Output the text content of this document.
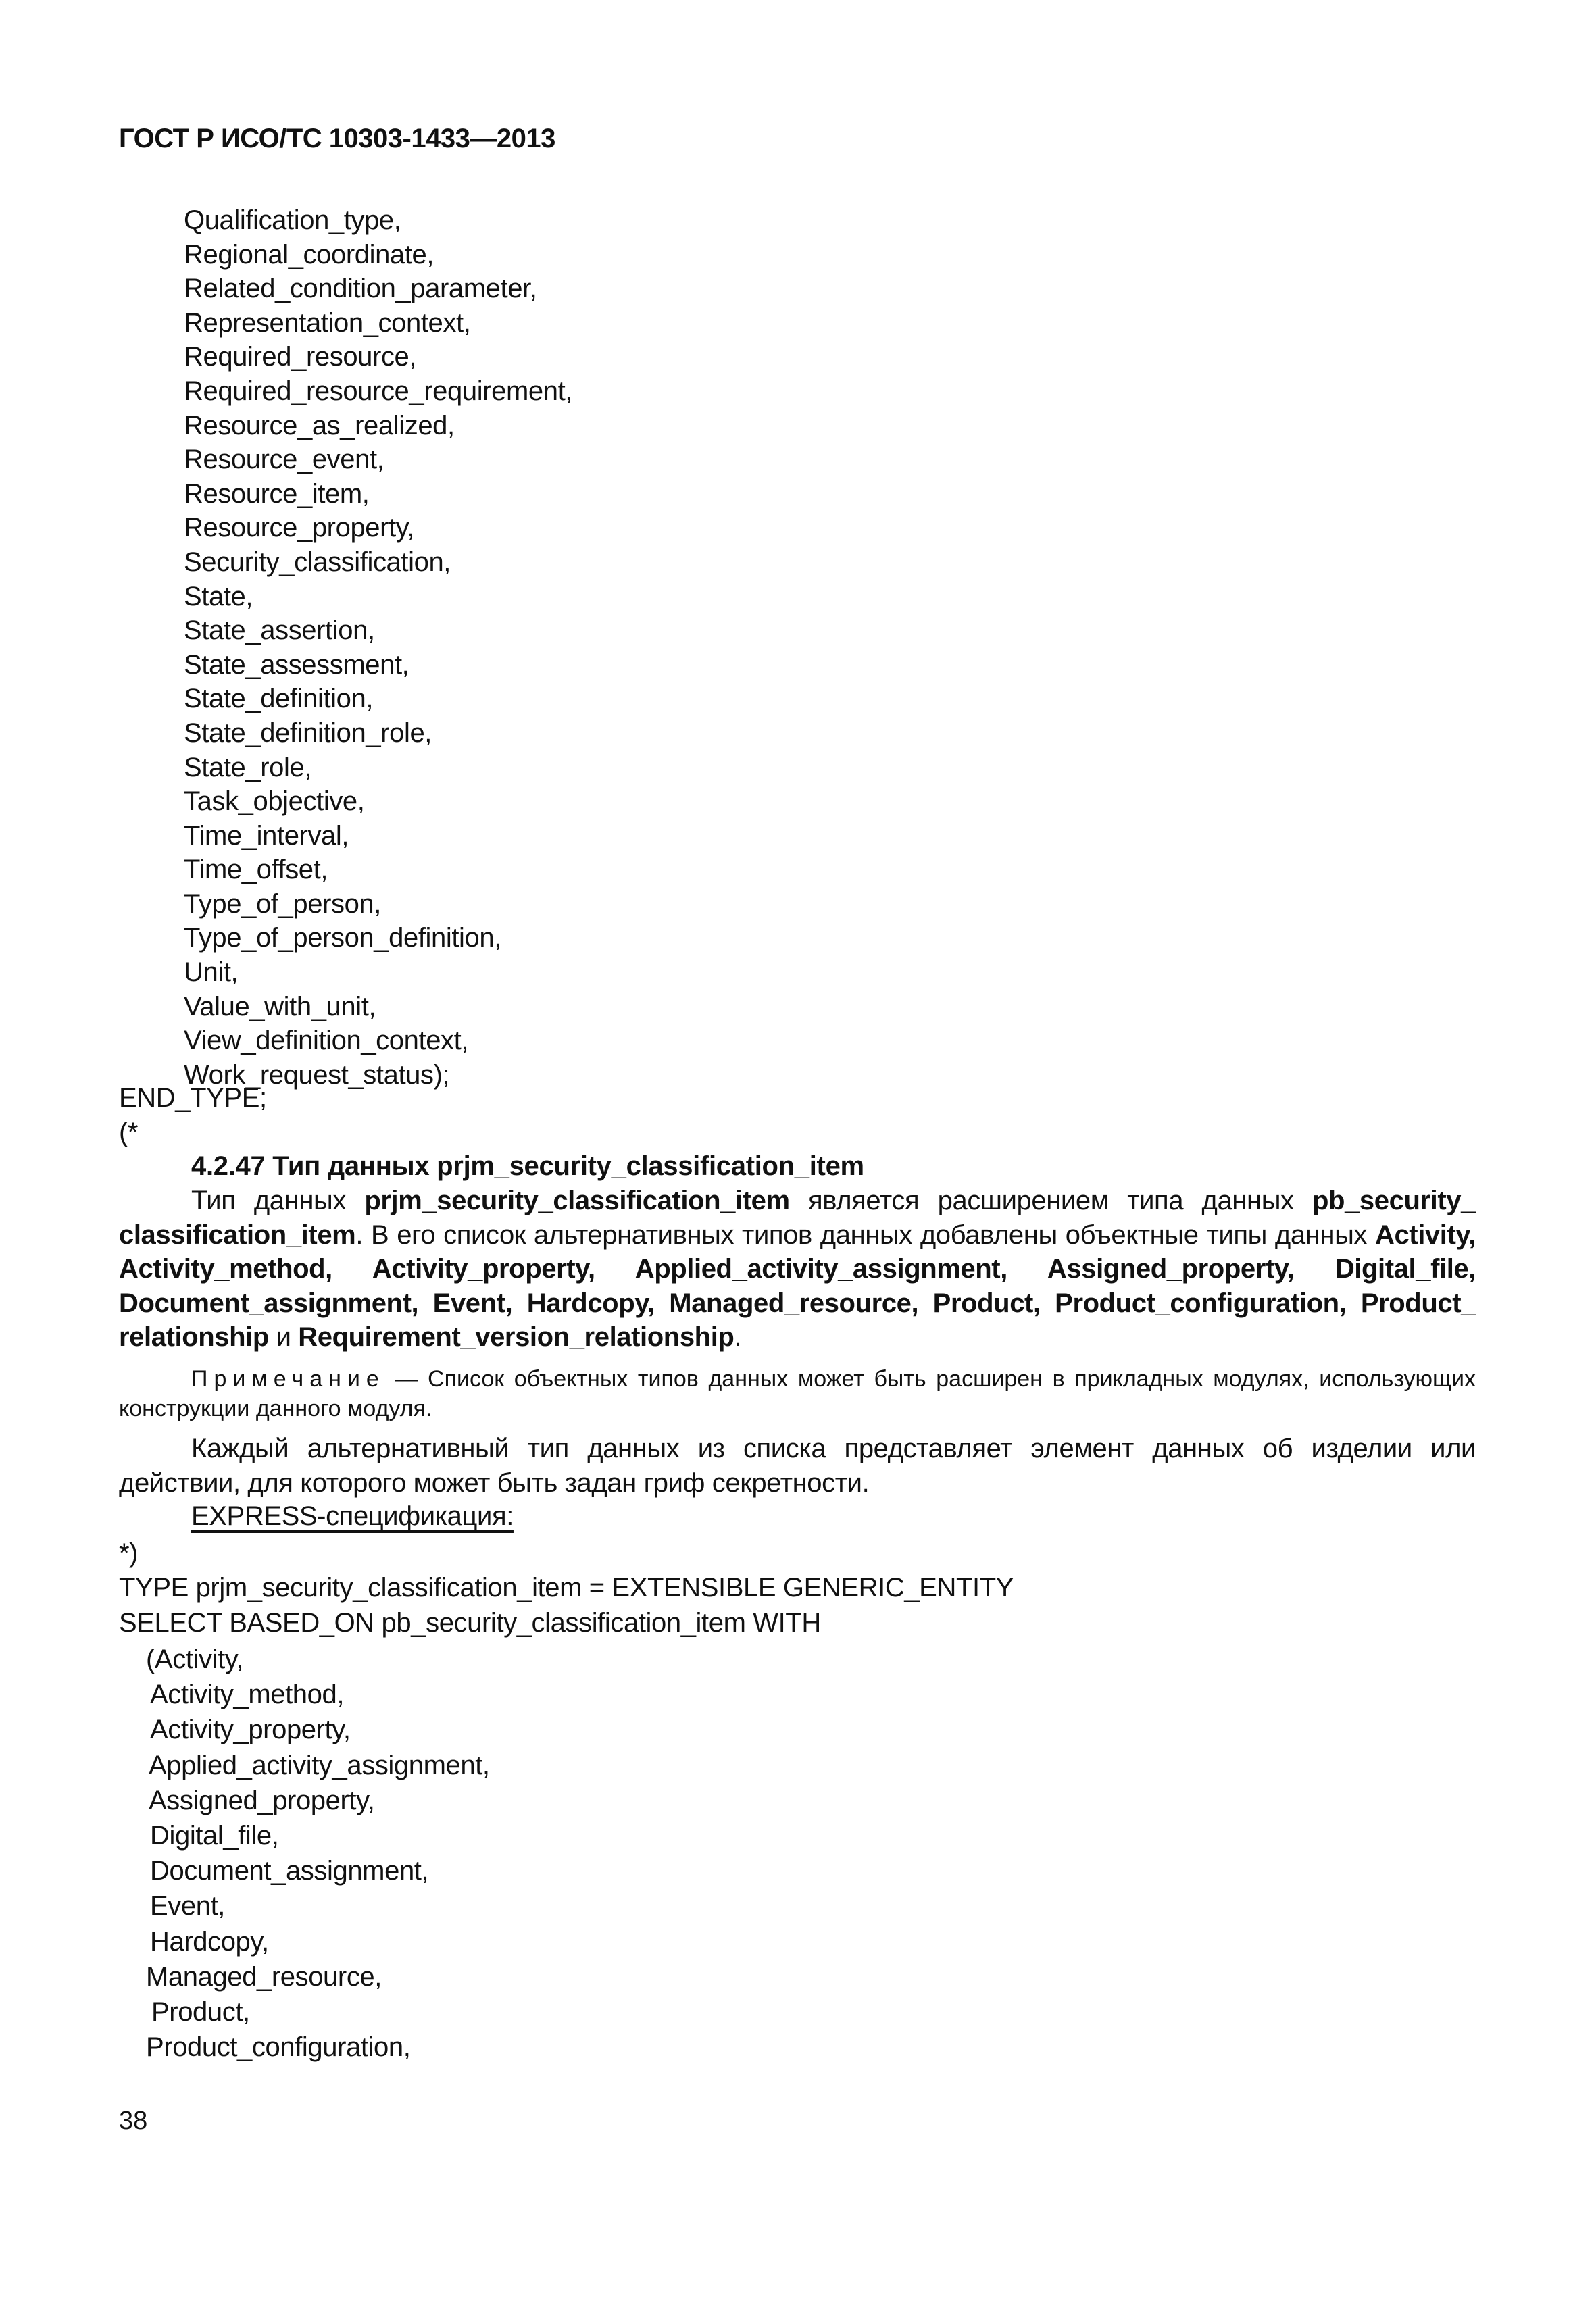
ГОСТ Р ИСО/ТС 10303-1433—2013
Qualification_type,
Regional_coordinate,
Related_condition_parameter,
Representation_context,
Required_resource,
Required_resource_requirement,
Resource_as_realized,
Resource_event,
Resource_item,
Resource_property,
Security_classification,
State,
State_assertion,
State_assessment,
State_definition,
State_definition_role,
State_role,
Task_objective,
Time_interval,
Time_offset,
Type_of_person,
Type_of_person_definition,
Unit,
Value_with_unit,
View_definition_context,
Work_request_status);
END_TYPE;
(*
4.2.47 Тип данных prjm_security_classification_item
Тип данных prjm_security_classification_item является расширением типа данных pb_security_ classification_item. В его список альтернативных типов данных добавлены объектные типы данных Activity, Activity_method, Activity_property, Applied_activity_assignment, Assigned_property, Digital_file, Document_assignment, Event, Hardcopy, Managed_resource, Product, Product_configuration, Product_ relationship и Requirement_version_relationship.
Примечание — Список объектных типов данных может быть расширен в прикладных модулях, использующих конструкции данного модуля.
Каждый альтернативный тип данных из списка представляет элемент данных об изделии или действии, для которого может быть задан гриф секретности.
EXPRESS-спецификация:
*)
TYPE prjm_security_classification_item = EXTENSIBLE GENERIC_ENTITY
SELECT BASED_ON pb_security_classification_item WITH
(Activity,
Activity_method,
Activity_property,
Applied_activity_assignment,
Assigned_property,
Digital_file,
Document_assignment,
Event,
Hardcopy,
Managed_resource,
Product,
Product_configuration,
38
